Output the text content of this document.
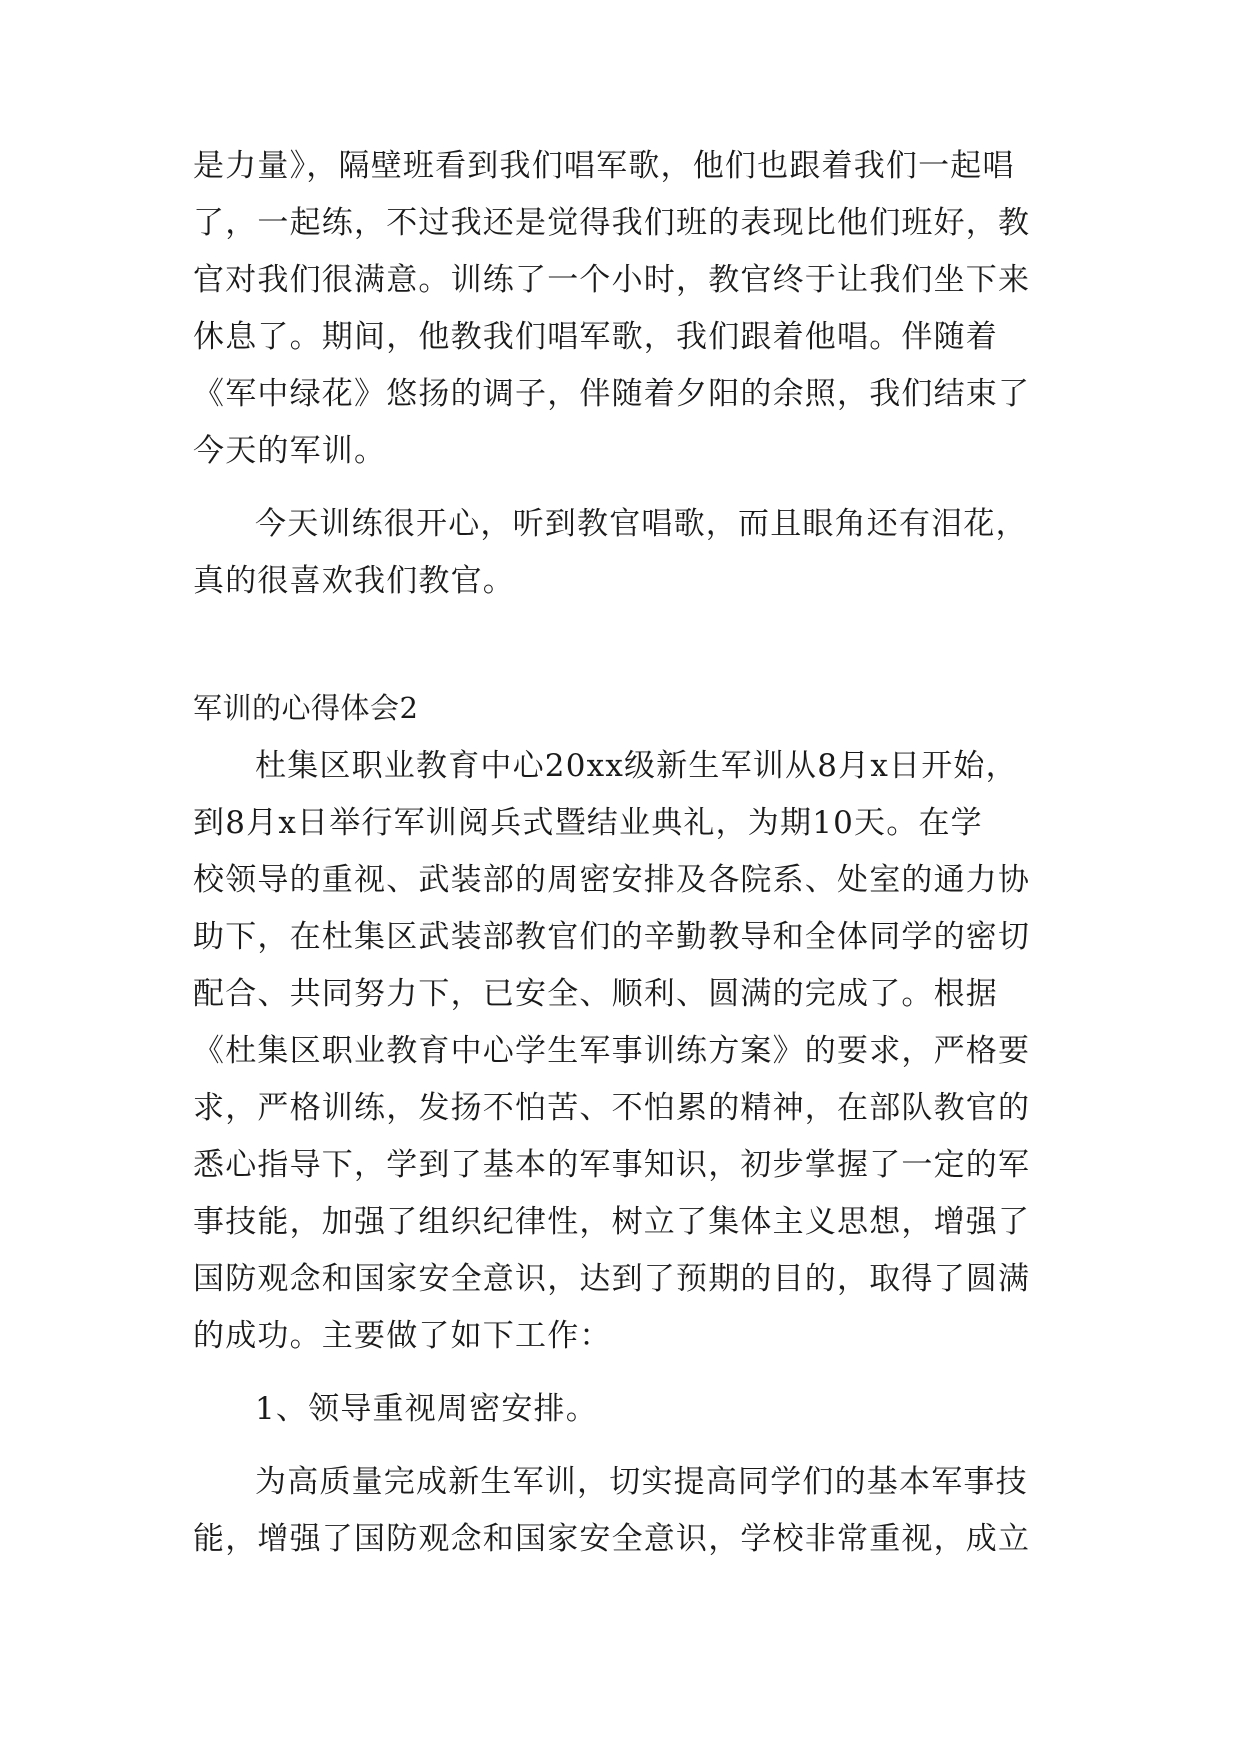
是力量》，隔壁班看到我们唱军歌，他们也跟着我们一起唱
了，一起练，不过我还是觉得我们班的表现比他们班好，教
官对我们很满意。训练了一个小时，教官终于让我们坐下来
休息了。期间，他教我们唱军歌，我们跟着他唱。伴随着
《军中绿花》悠扬的调子，伴随着夕阳的余照，我们结束了
今天的军训。
今天训练很开心，听到教官唱歌，而且眼角还有泪花，
真的很喜欢我们教官。
军训的心得体会2
杜集区职业教育中心20xx级新生军训从8月x日开始，
到8月x日举行军训阅兵式暨结业典礼，为期10天。在学
校领导的重视、武装部的周密安排及各院系、处室的通力协
助下，在杜集区武装部教官们的辛勤教导和全体同学的密切
配合、共同努力下，已安全、顺利、圆满的完成了。根据
《杜集区职业教育中心学生军事训练方案》的要求，严格要
求，严格训练，发扬不怕苦、不怕累的精神，在部队教官的
悉心指导下，学到了基本的军事知识，初步掌握了一定的军
事技能，加强了组织纪律性，树立了集体主义思想，增强了
国防观念和国家安全意识，达到了预期的目的，取得了圆满
的成功。主要做了如下工作：
1、领导重视周密安排。
为高质量完成新生军训，切实提高同学们的基本军事技
能，增强了国防观念和国家安全意识，学校非常重视，成立
